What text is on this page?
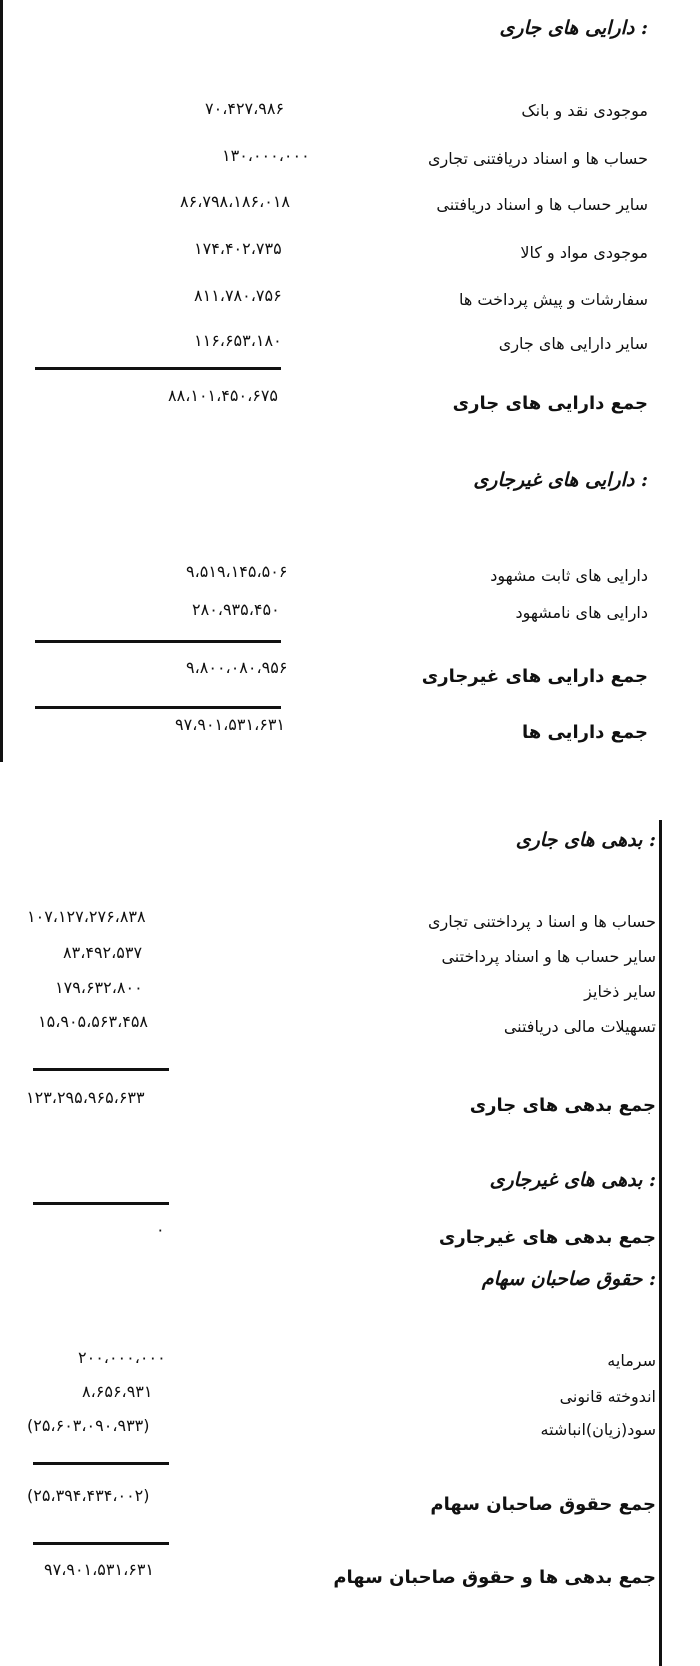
دارایی های جاری :
موجودی نقد و بانک
۷۰،۴۲۷،۹۸۶
حساب ها و اسناد دریافتنی تجاری
۱۳۰،۰۰۰،۰۰۰
سایر حساب ها و اسناد دریافتنی
۸۶،۷۹۸،۱۸۶،۰۱۸
موجودی مواد و کالا
۱۷۴،۴۰۲،۷۳۵
سفارشات و پیش پرداخت ها
۸۱۱،۷۸۰،۷۵۶
سایر دارایی های جاری
۱۱۶،۶۵۳،۱۸۰
جمع دارایی های جاری
۸۸،۱۰۱،۴۵۰،۶۷۵
دارایی های غیرجاری :
دارایی های ثابت مشهود
۹،۵۱۹،۱۴۵،۵۰۶
دارایی های نامشهود
۲۸۰،۹۳۵،۴۵۰
جمع دارایی های غیرجاری
۹،۸۰۰،۰۸۰،۹۵۶
جمع دارایی ها
۹۷،۹۰۱،۵۳۱،۶۳۱
بدهی های جاری :
حساب ها و اسنا د پرداختنی تجاری
۱۰۷،۱۲۷،۲۷۶،۸۳۸
سایر حساب ها و اسناد پرداختنی
۸۳،۴۹۲،۵۳۷
سایر ذخایز
۱۷۹،۶۳۲،۸۰۰
تسهیلات مالی دریافتنی
۱۵،۹۰۵،۵۶۳،۴۵۸
جمع بدهی های جاری
۱۲۳،۲۹۵،۹۶۵،۶۳۳
بدهی های غیرجاری :
جمع بدهی های غیرجاری
۰
حقوق صاحبان سهام :
سرمایه
۲۰۰،۰۰۰،۰۰۰
اندوخته قانونی
۸،۶۵۶،۹۳۱
سود(زیان)انباشته
(۲۵،۶۰۳،۰۹۰،۹۳۳)
جمع حقوق صاحبان سهام
(۲۵،۳۹۴،۴۳۴،۰۰۲)
جمع بدهی ها و حقوق صاحبان سهام
۹۷،۹۰۱،۵۳۱،۶۳۱
